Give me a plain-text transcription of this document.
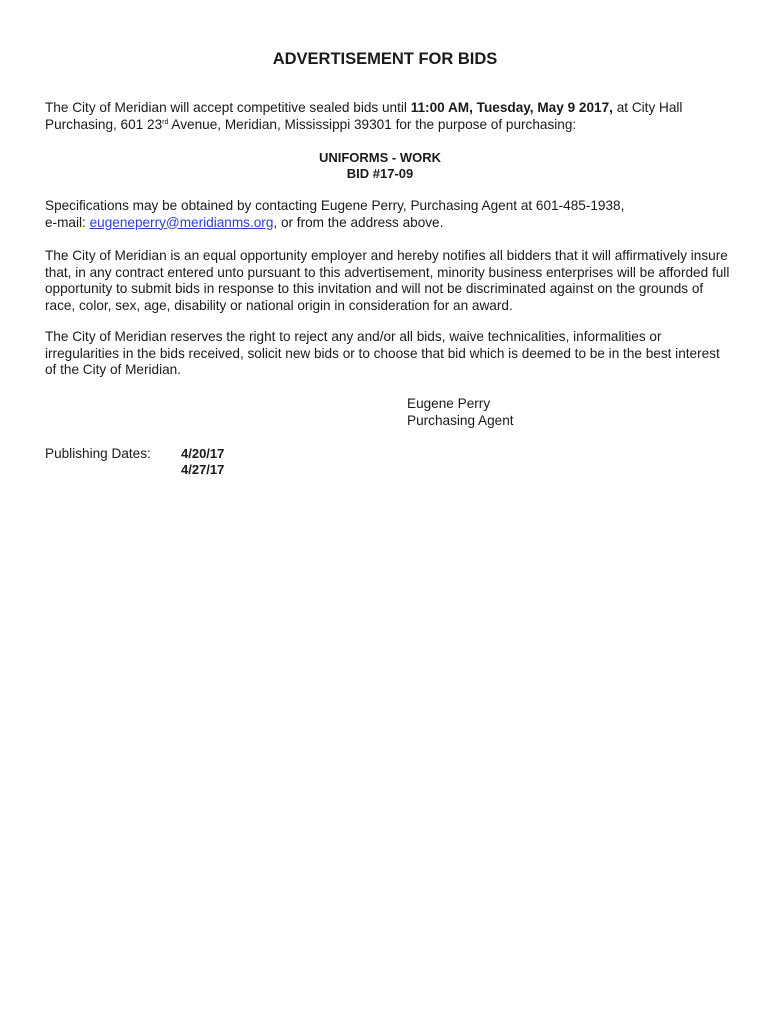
ADVERTISEMENT FOR BIDS
The City of Meridian will accept competitive sealed bids until 11:00 AM, Tuesday, May 9 2017, at City Hall Purchasing, 601 23rd Avenue, Meridian, Mississippi 39301 for the purpose of purchasing:
UNIFORMS - WORK
BID #17-09
Specifications may be obtained by contacting Eugene Perry, Purchasing Agent at 601-485-1938,
e-mail: eugeneperry@meridianms.org, or from the address above.
The City of Meridian is an equal opportunity employer and hereby notifies all bidders that it will affirmatively insure that, in any contract entered unto pursuant to this advertisement, minority business enterprises will be afforded full opportunity to submit bids in response to this invitation and will not be discriminated against on the grounds of race, color, sex, age, disability or national origin in consideration for an award.
The City of Meridian reserves the right to reject any and/or all bids, waive technicalities, informalities or irregularities in the bids received, solicit new bids or to choose that bid which is deemed to be in the best interest of the City of Meridian.
Eugene Perry
Purchasing Agent
Publishing Dates: 4/20/17
4/27/17
